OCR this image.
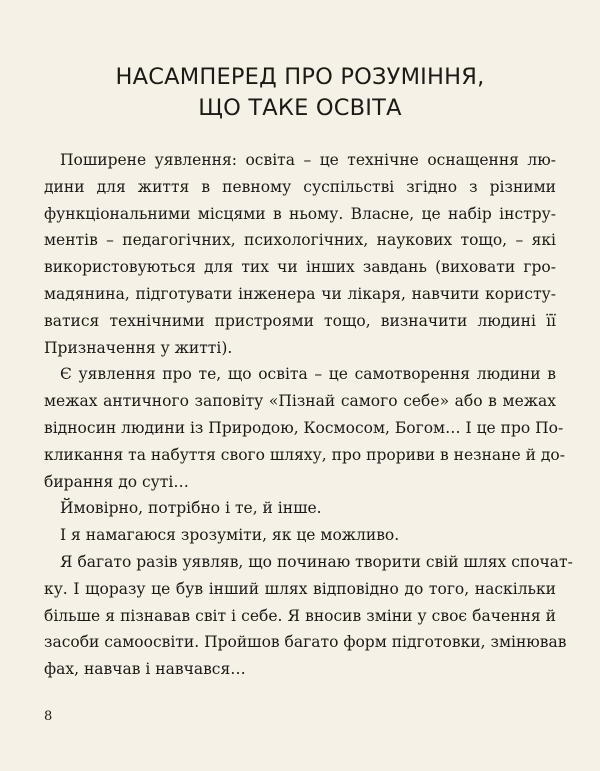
НАСАМПЕРЕД ПРО РОЗУМІННЯ,
ЩО ТАКЕ ОСВІТА
Поширене уявлення: освіта – це технічне оснащення лю-
дини для життя в певному суспільстві згідно з різними
функціональними місцями в ньому. Власне, це набір інстру-
ментів – педагогічних, психологічних, наукових тощо, – які
використовуються для тих чи інших завдань (виховати гро-
мадянина, підготувати інженера чи лікаря, навчити користу-
ватися технічними пристроями тощо, визначити людині її
Призначення у житті).
Є уявлення про те, що освіта – це самотворення людини в
межах античного заповіту «Пізнай самого себе» або в межах
відносин людини із Природою, Космосом, Богом… І це про По-
кликання та набуття свого шляху, про прориви в незнане й до-
бирання до суті…
Ймовірно, потрібно і те, й інше.
І я намагаюся зрозуміти, як це можливо.
Я багато разів уявляв, що починаю творити свій шлях спочат-
ку. І щоразу це був інший шлях відповідно до того, наскільки
більше я пізнавав світ і себе. Я вносив зміни у своє бачення й
засоби самоосвіти. Пройшов багато форм підготовки, змінював
фах, навчав і навчався…
8
